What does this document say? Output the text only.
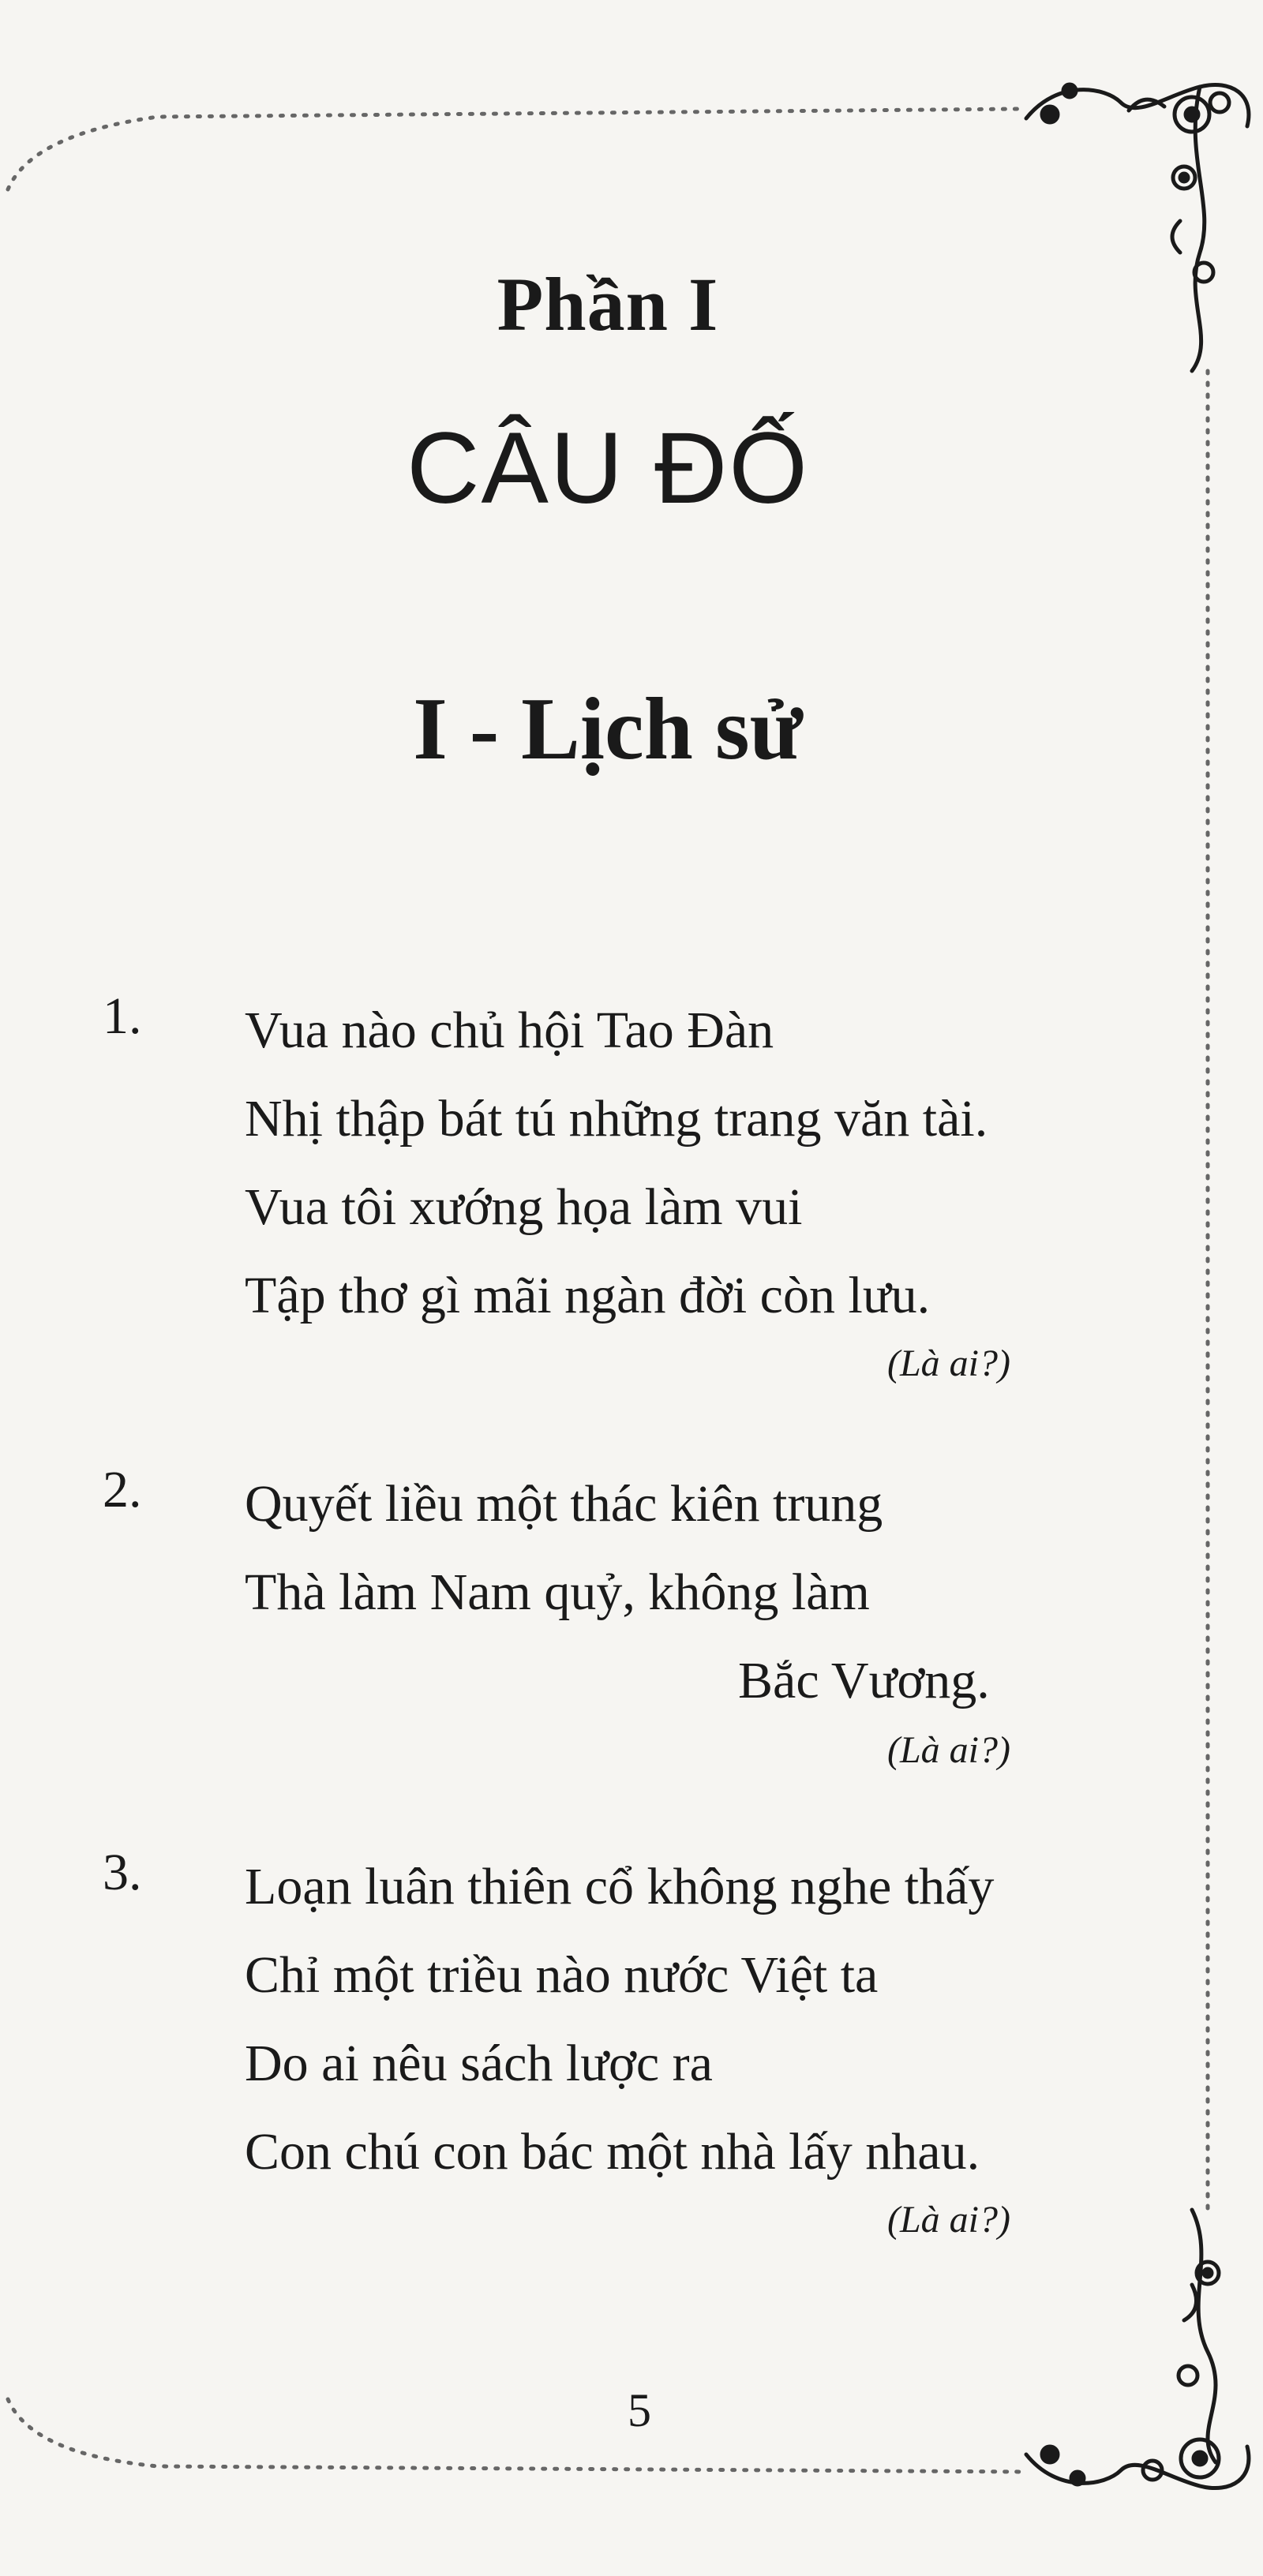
Phần I
CÂU ĐỐ
I - Lịch sử
1. Vua nào chủ hội Tao Đàn
Nhị thập bát tú những trang văn tài.
Vua tôi xướng họa làm vui
Tập thơ gì mãi ngàn đời còn lưu.
(Là ai?)
2. Quyết liều một thác kiên trung
Thà làm Nam quỷ, không làm
Bắc Vương.
(Là ai?)
3. Loạn luân thiên cổ không nghe thấy
Chỉ một triều nào nước Việt ta
Do ai nêu sách lược ra
Con chú con bác một nhà lấy nhau.
(Là ai?)
5
